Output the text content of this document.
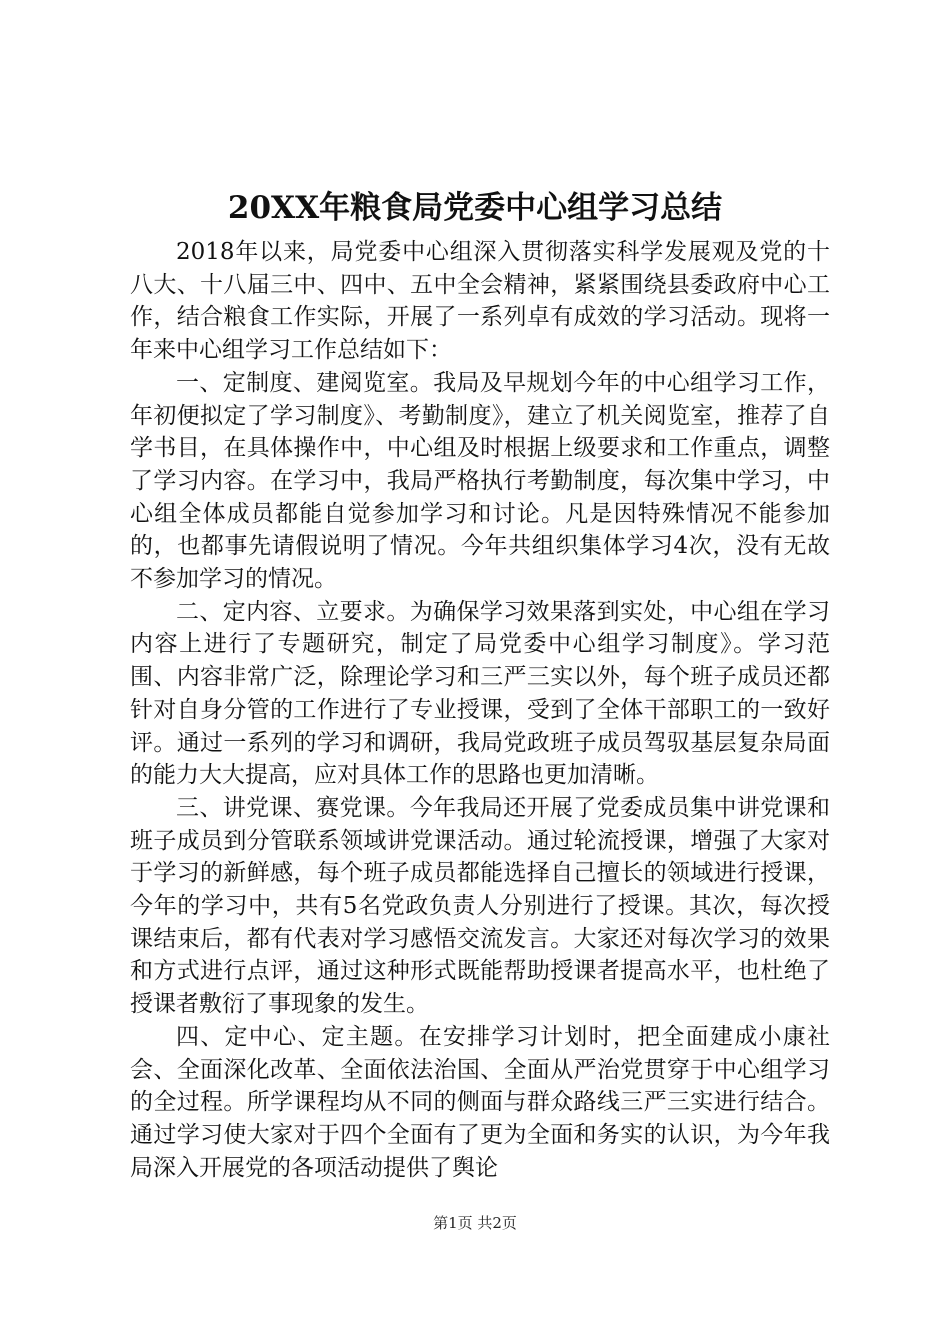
20XX年粮食局党委中心组学习总结

2018年以来，局党委中心组深入贯彻落实科学发展观及党的十八大、十八届三中、四中、五中全会精神，紧紧围绕县委政府中心工作，结合粮食工作实际，开展了一系列卓有成效的学习活动。现将一年来中心组学习工作总结如下：

一、定制度、建阅览室。我局及早规划今年的中心组学习工作，年初便拟定了学习制度》、考勤制度》，建立了机关阅览室，推荐了自学书目，在具体操作中，中心组及时根据上级要求和工作重点，调整了学习内容。在学习中，我局严格执行考勤制度，每次集中学习，中心组全体成员都能自觉参加学习和讨论。凡是因特殊情况不能参加的，也都事先请假说明了情况。今年共组织集体学习4次，没有无故不参加学习的情况。

二、定内容、立要求。为确保学习效果落到实处，中心组在学习内容上进行了专题研究，制定了局党委中心组学习制度》。学习范围、内容非常广泛，除理论学习和三严三实以外，每个班子成员还都针对自身分管的工作进行了专业授课，受到了全体干部职工的一致好评。通过一系列的学习和调研，我局党政班子成员驾驭基层复杂局面的能力大大提高，应对具体工作的思路也更加清晰。

三、讲党课、赛党课。今年我局还开展了党委成员集中讲党课和班子成员到分管联系领域讲党课活动。通过轮流授课，增强了大家对于学习的新鲜感，每个班子成员都能选择自己擅长的领域进行授课，今年的学习中，共有5名党政负责人分别进行了授课。其次，每次授课结束后，都有代表对学习感悟交流发言。大家还对每次学习的效果和方式进行点评，通过这种形式既能帮助授课者提高水平，也杜绝了授课者敷衍了事现象的发生。

四、定中心、定主题。在安排学习计划时，把全面建成小康社会、全面深化改革、全面依法治国、全面从严治党贯穿于中心组学习的全过程。所学课程均从不同的侧面与群众路线三严三实进行结合。通过学习使大家对于四个全面有了更为全面和务实的认识，为今年我局深入开展党的各项活动提供了舆论

第1页 共2页
